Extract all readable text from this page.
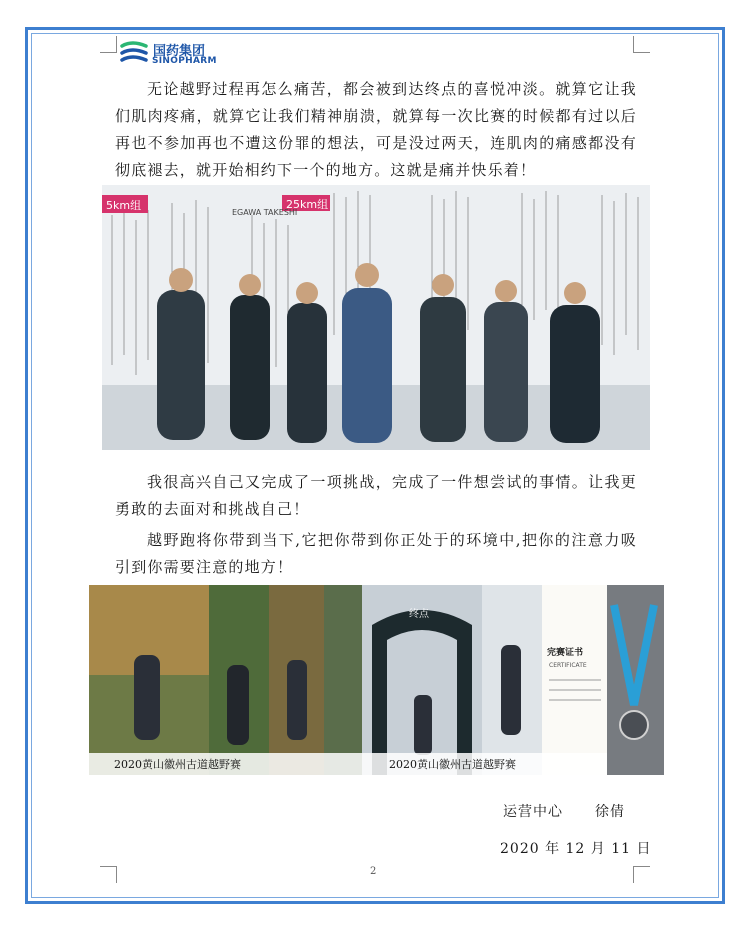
国药集团
SINOPHARM
无论越野过程再怎么痛苦，都会被到达终点的喜悦冲淡。就算它让我们肌肉疼痛，就算它让我们精神崩溃，就算每一次比赛的时候都有过以后再也不参加再也不遭这份罪的想法，可是没过两天，连肌肉的痛感都没有彻底褪去，就开始相约下一个的地方。这就是痛并快乐着！
5km组	25km组
EGAWA TAKESHI
我很高兴自己又完成了一项挑战，完成了一件想尝试的事情。让我更勇敢的去面对和挑战自己！
越野跑将你带到当下,它把你带到你正处于的环境中,把你的注意力吸引到你需要注意的地方！
终点
完赛证书
CERTIFICATE
2020黄山徽州古道越野赛	2020黄山徽州古道越野赛
运营中心 徐倩
2020 年 12 月 11 日
2
